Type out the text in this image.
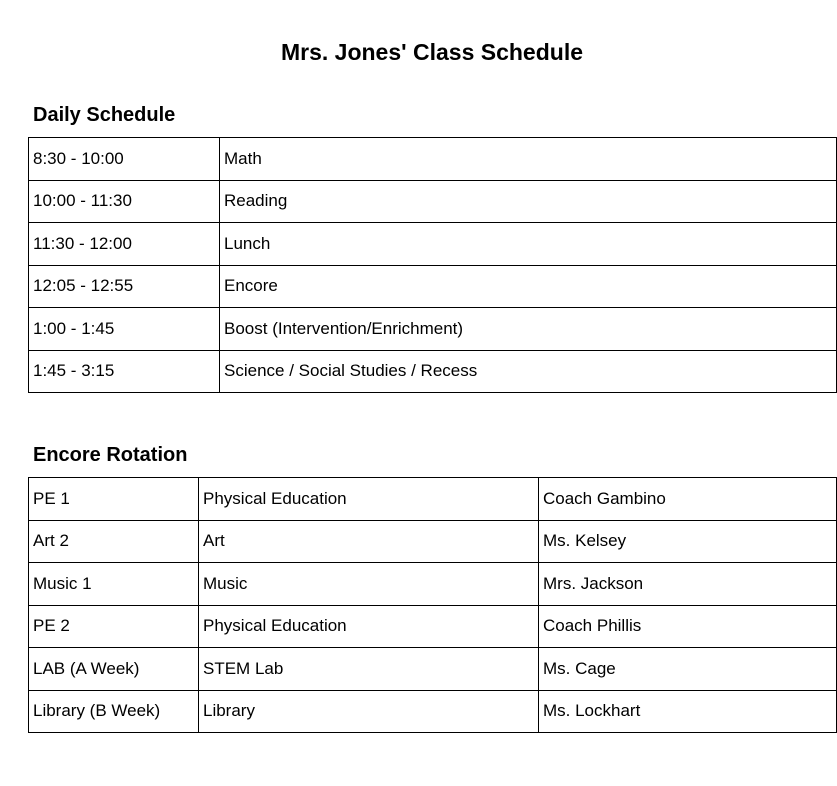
Mrs. Jones' Class Schedule
Daily Schedule
8:30 - 10:00	Math
10:00 - 11:30	Reading
11:30 - 12:00	Lunch
12:05 - 12:55	Encore
1:00 - 1:45	Boost (Intervention/Enrichment)
1:45 - 3:15	Science / Social Studies / Recess
Encore Rotation
PE 1	Physical Education	Coach Gambino
Art 2	Art	Ms. Kelsey
Music 1	Music	Mrs. Jackson
PE 2	Physical Education	Coach Phillis
LAB (A Week)	STEM Lab	Ms. Cage
Library (B Week)	Library	Ms. Lockhart
